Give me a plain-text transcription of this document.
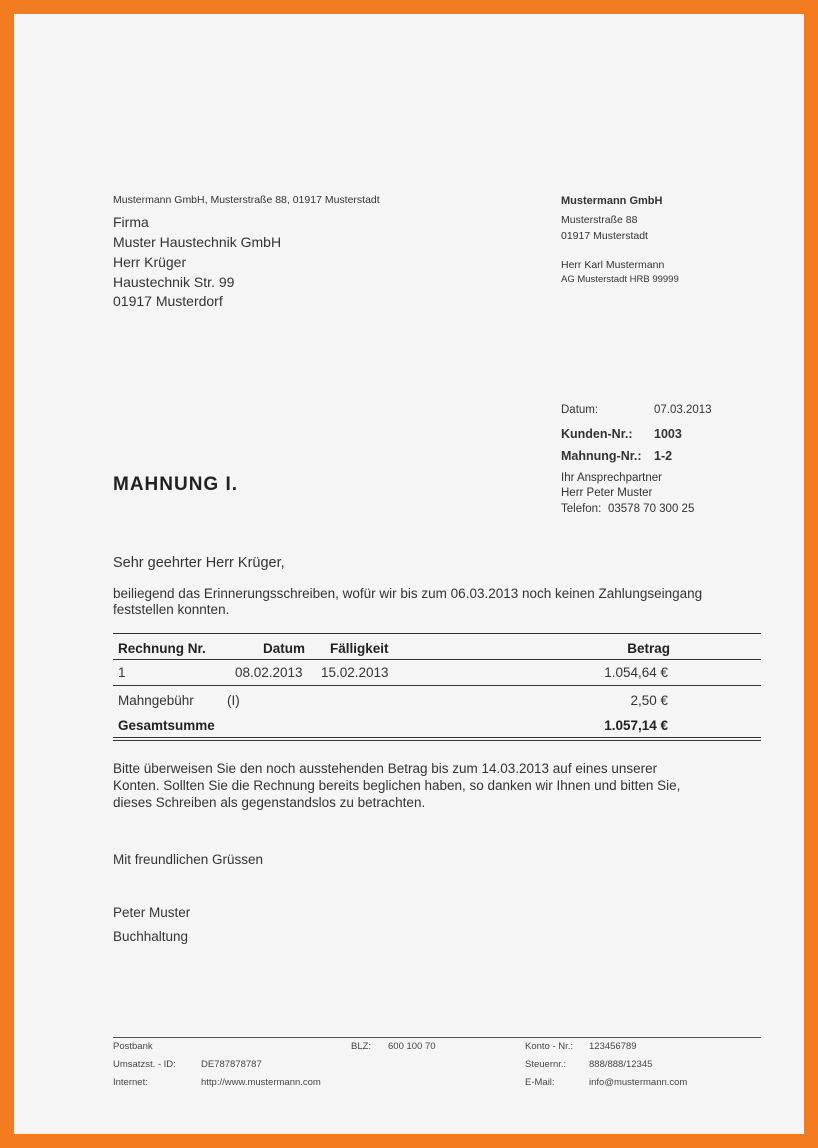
Mustermann GmbH, Musterstraße 88, 01917 Musterstadt
Firma
Muster Haustechnik GmbH
Herr Krüger
Haustechnik Str. 99
01917 Musterdorf
Mustermann GmbH
Musterstraße 88
01917 Musterstadt
Herr Karl Mustermann
AG Musterstadt HRB 99999
Datum:	07.03.2013
Kunden-Nr.: 1003
Mahnung-Nr.: 1-2
Ihr Ansprechpartner
Herr Peter Muster
Telefon: 03578 70 300 25
MAHNUNG I.
Sehr geehrter Herr Krüger,
beiliegend das Erinnerungsschreiben, wofür wir bis zum 06.03.2013 noch keinen Zahlungseingang
feststellen konnten.
Rechnung Nr.	Datum Fälligkeit	Betrag
1	08.02.2013 15.02.2013	1.054,64 €
Mahngebühr (I)	2,50 €
Gesamtsumme	1.057,14 €
Bitte überweisen Sie den noch ausstehenden Betrag bis zum 14.03.2013 auf eines unserer
Konten. Sollten Sie die Rechnung bereits beglichen haben, so danken wir Ihnen und bitten Sie,
dieses Schreiben als gegenstandslos zu betrachten.
Mit freundlichen Grüssen
Peter Muster
Buchhaltung
Postbank	BLZ: 600 100 70	Konto - Nr.: 123456789
Umsatzst. - ID:	DE787878787	Steuernr.: 888/888/12345
Internet:	http://www.mustermann.com	E-Mail:	info@mustermann.com
